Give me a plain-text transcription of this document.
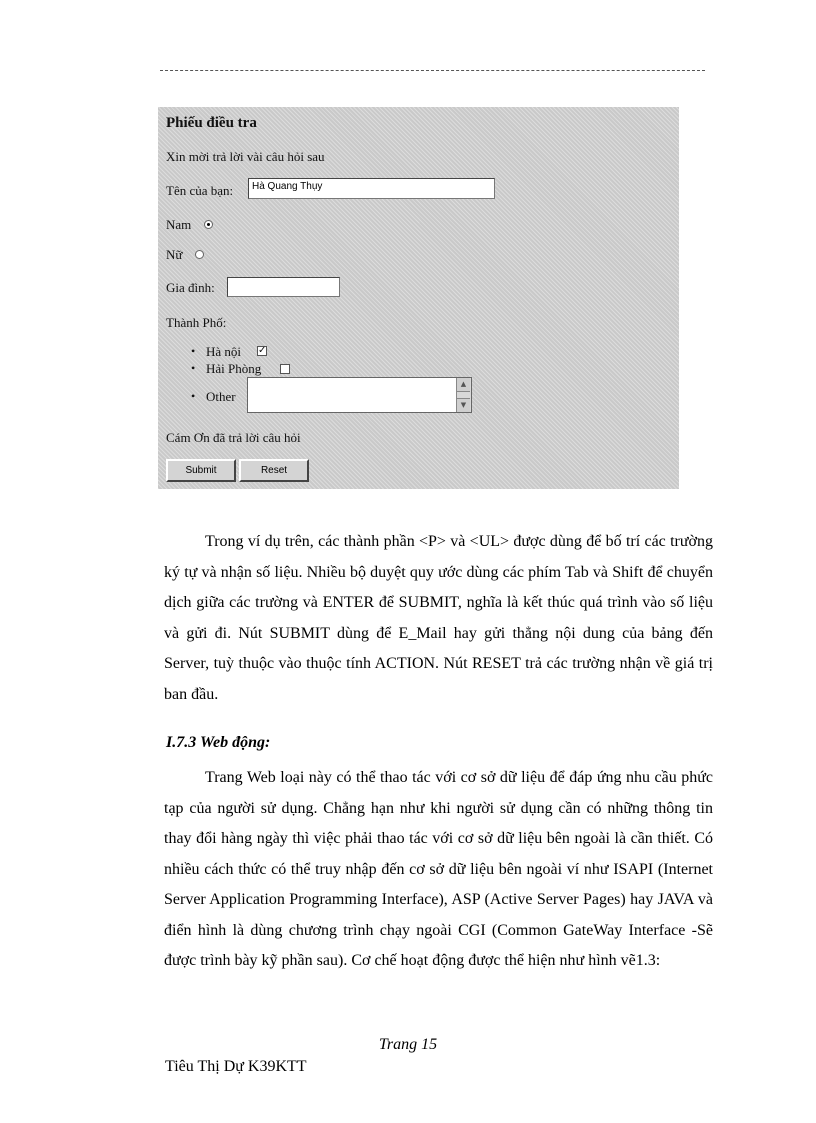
Phiếu điều tra
Xin mời trả lời vài câu hỏi sau
Tên của bạn:	Hà Quang Thụy
Nam
Nữ
Gia đình:
Thành Phố:
• Hà nội ✓
• Hải Phòng
• Other
▲
▼
Cám Ơn đã trả lời câu hỏi
Submit	Reset

Trong ví dụ trên, các thành phần <P> và <UL> được dùng để bố trí các trường ký tự và nhận số liệu. Nhiều bộ duyệt quy ước dùng các phím Tab và Shift để chuyển dịch giữa các trường và ENTER để SUBMIT, nghĩa là kết thúc quá trình vào số liệu và gửi đi. Nút SUBMIT dùng để E_Mail hay gửi thẳng nội dung của bảng đến Server, tuỳ thuộc vào thuộc tính ACTION. Nút RESET trả các trường nhận về giá trị ban đầu.

I.7.3 Web động:

Trang Web loại này có thể thao tác với cơ sở dữ liệu để đáp ứng nhu cầu phức tạp của người sử dụng. Chẳng hạn như khi người sử dụng cần có những thông tin thay đổi hàng ngày thì việc phải thao tác với cơ sở dữ liệu bên ngoài là cần thiết. Có nhiều cách thức có thể truy nhập đến cơ sở dữ liệu bên ngoài ví như ISAPI (Internet Server Application Programming Interface), ASP (Active Server Pages) hay JAVA và điển hình là dùng chương trình chạy ngoài CGI (Common GateWay Interface -Sẽ được trình bày kỹ phần sau). Cơ chế hoạt động được thể hiện như hình vẽ1.3:

Trang 15
Tiêu Thị Dự K39KTT
